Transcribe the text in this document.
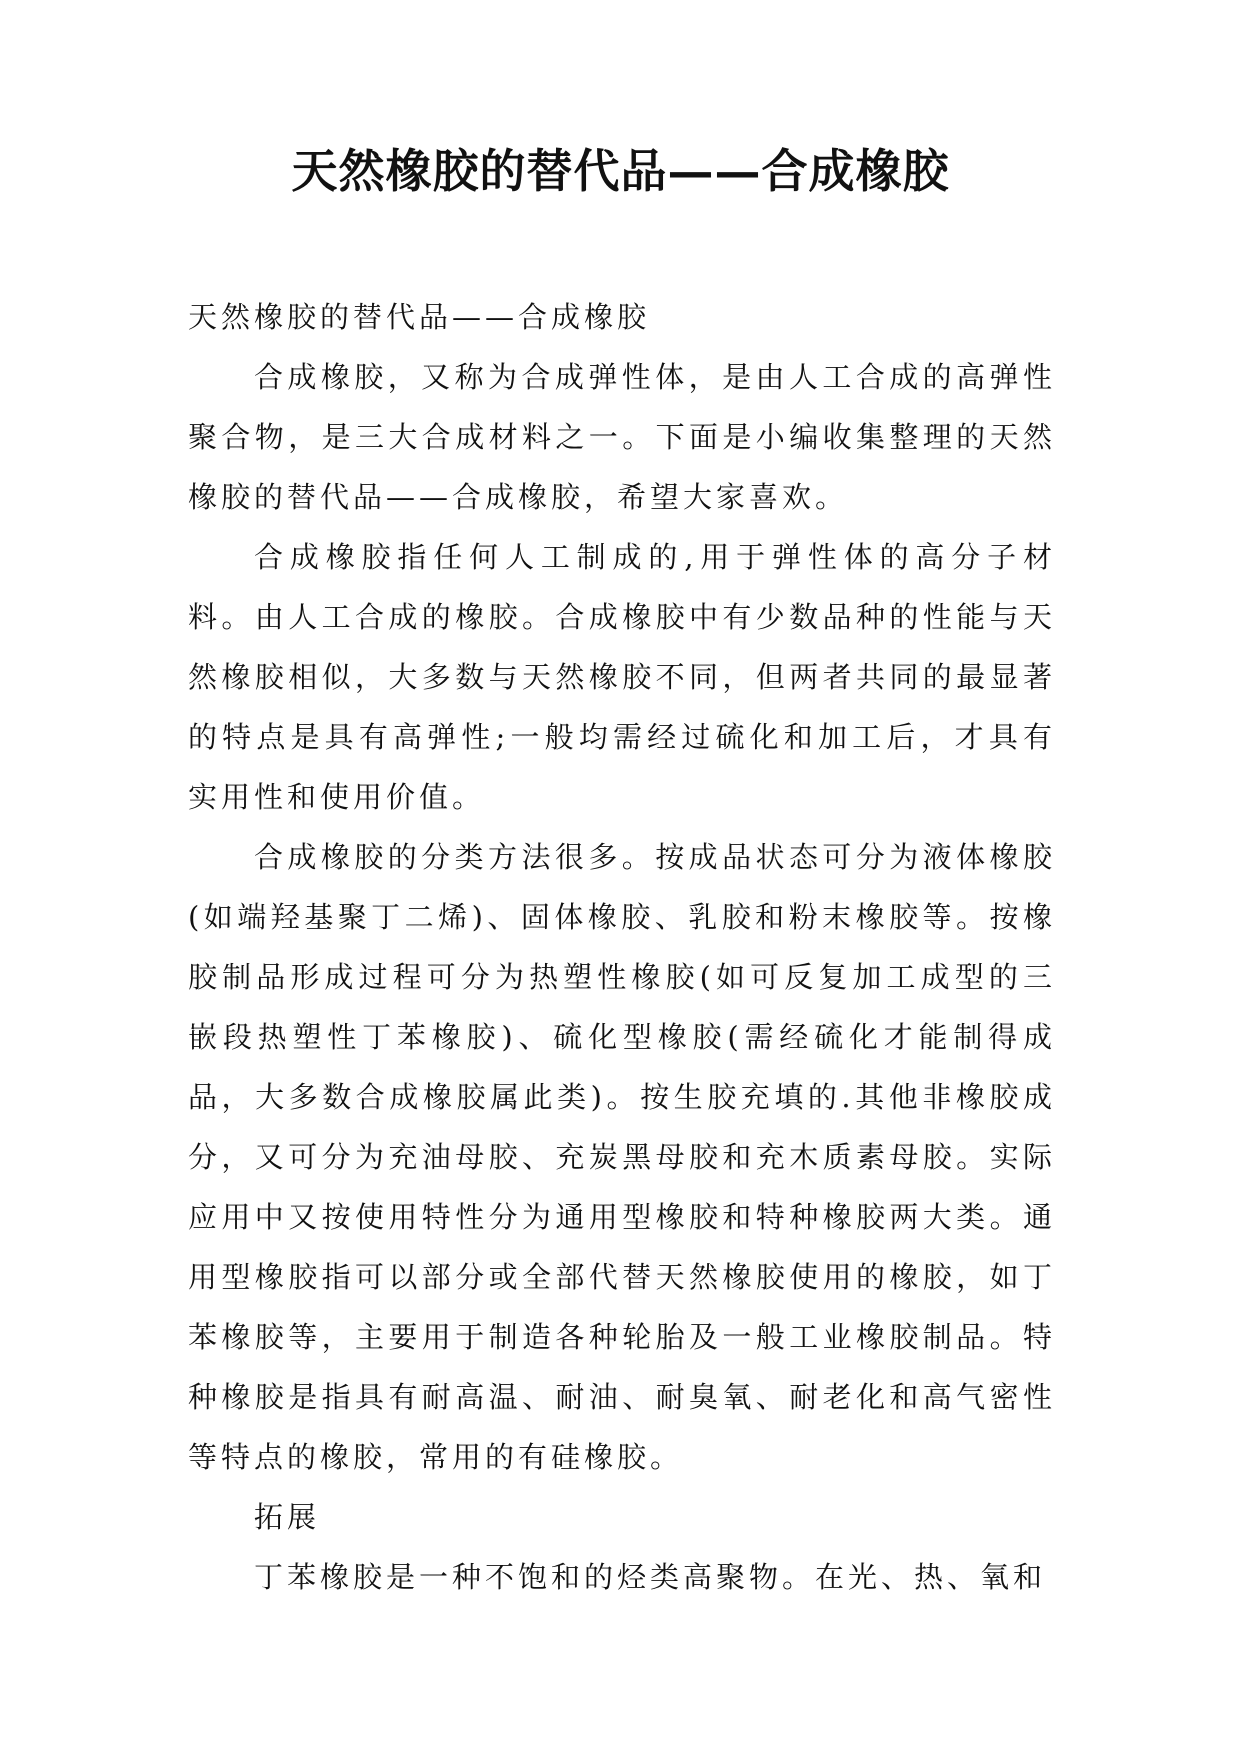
天然橡胶的替代品——合成橡胶

天然橡胶的替代品——合成橡胶

合成橡胶，又称为合成弹性体，是由人工合成的高弹性聚合物，是三大合成材料之一。下面是小编收集整理的天然橡胶的替代品——合成橡胶，希望大家喜欢。

合成橡胶指任何人工制成的,用于弹性体的高分子材料。由人工合成的橡胶。合成橡胶中有少数品种的性能与天然橡胶相似，大多数与天然橡胶不同，但两者共同的最显著的特点是具有高弹性;一般均需经过硫化和加工后，才具有实用性和使用价值。

合成橡胶的分类方法很多。按成品状态可分为液体橡胶(如端羟基聚丁二烯)、固体橡胶、乳胶和粉末橡胶等。按橡胶制品形成过程可分为热塑性橡胶(如可反复加工成型的三嵌段热塑性丁苯橡胶)、硫化型橡胶(需经硫化才能制得成品，大多数合成橡胶属此类)。按生胶充填的.其他非橡胶成分，又可分为充油母胶、充炭黑母胶和充木质素母胶。实际应用中又按使用特性分为通用型橡胶和特种橡胶两大类。通用型橡胶指可以部分或全部代替天然橡胶使用的橡胶，如丁苯橡胶等，主要用于制造各种轮胎及一般工业橡胶制品。特种橡胶是指具有耐高温、耐油、耐臭氧、耐老化和高气密性等特点的橡胶，常用的有硅橡胶。

拓展

丁苯橡胶是一种不饱和的烃类高聚物。在光、热、氧和
